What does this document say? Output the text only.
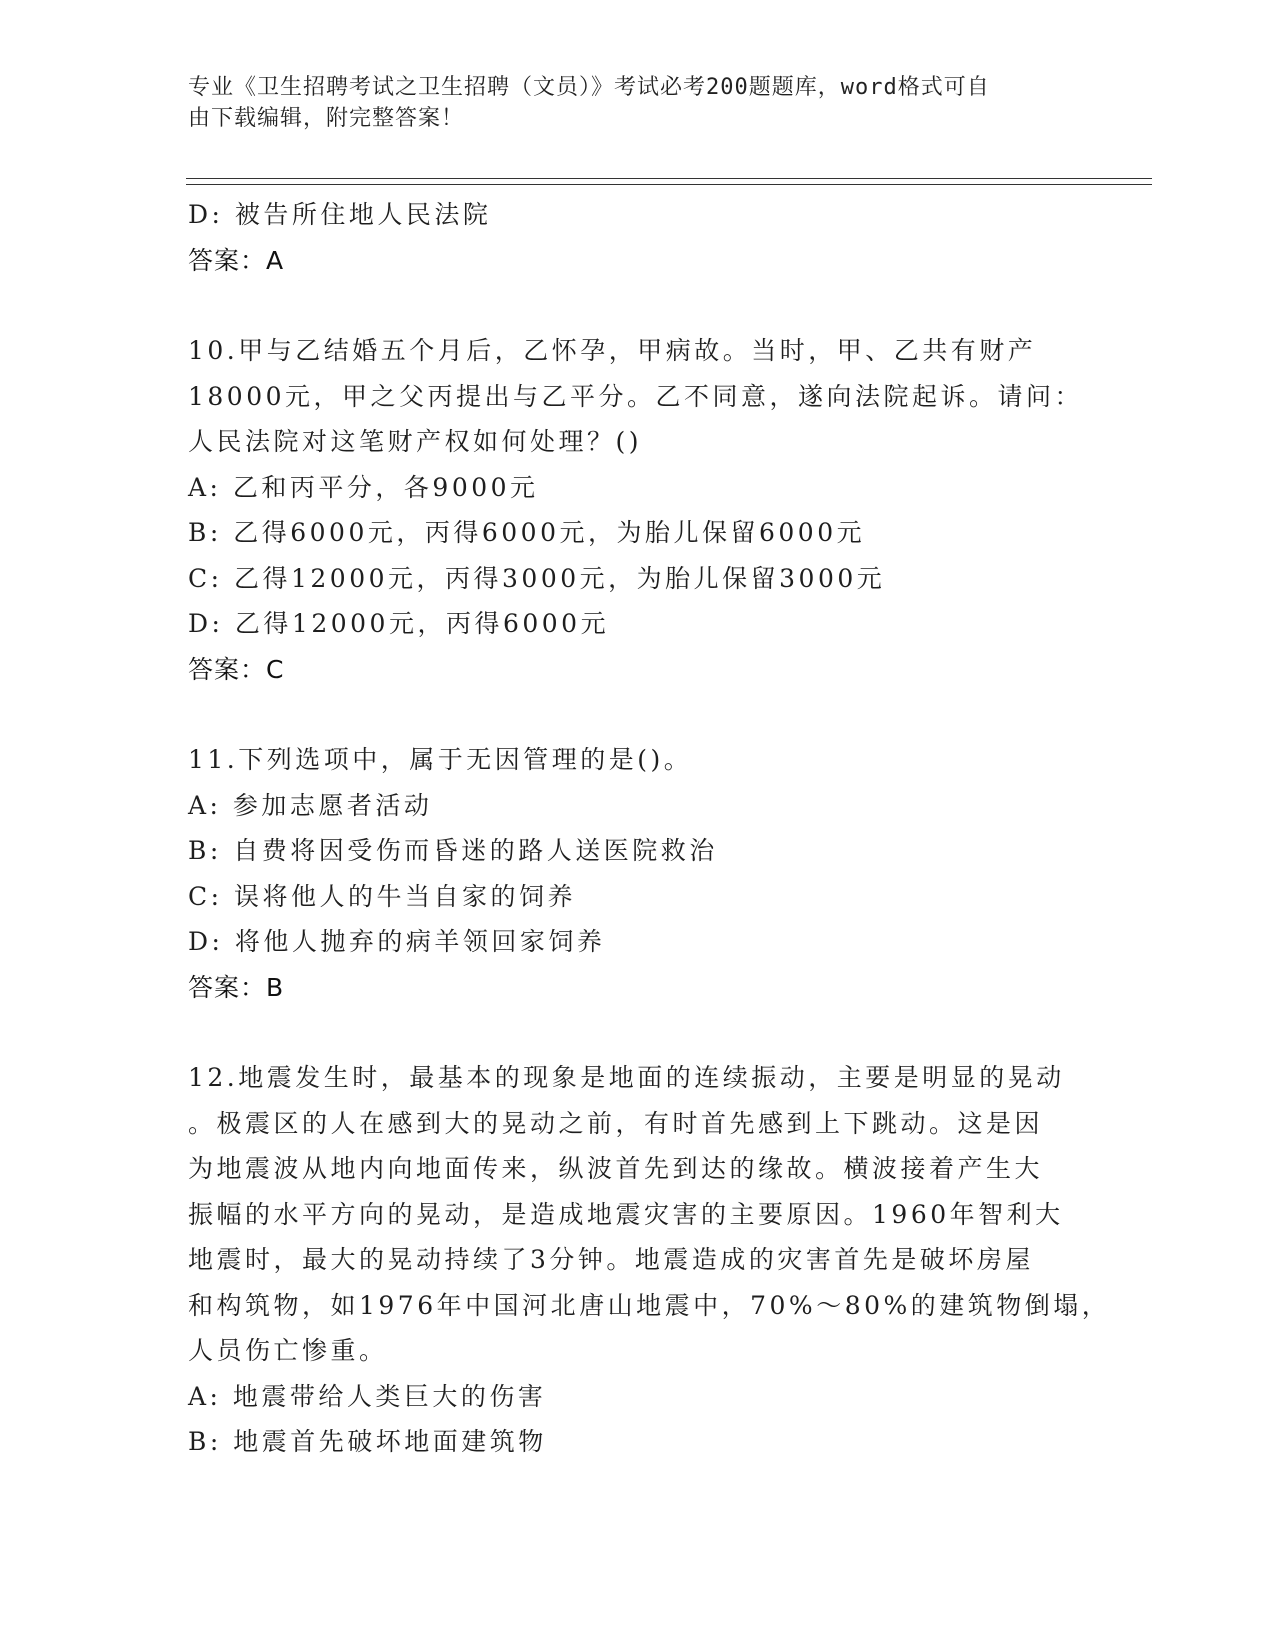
专业《卫生招聘考试之卫生招聘（文员）》考试必考200题题库，word格式可自
由下载编辑，附完整答案！
D: 被告所住地人民法院
答案：A
10.甲与乙结婚五个月后，乙怀孕，甲病故。当时，甲、乙共有财产
18000元，甲之父丙提出与乙平分。乙不同意，遂向法院起诉。请问：
人民法院对这笔财产权如何处理？()
A: 乙和丙平分，各9000元
B: 乙得6000元，丙得6000元，为胎儿保留6000元
C: 乙得12000元，丙得3000元，为胎儿保留3000元
D: 乙得12000元，丙得6000元
答案：C
11.下列选项中，属于无因管理的是()。
A: 参加志愿者活动
B: 自费将因受伤而昏迷的路人送医院救治
C: 误将他人的牛当自家的饲养
D: 将他人抛弃的病羊领回家饲养
答案：B
12.地震发生时，最基本的现象是地面的连续振动，主要是明显的晃动
。极震区的人在感到大的晃动之前，有时首先感到上下跳动。这是因
为地震波从地内向地面传来，纵波首先到达的缘故。横波接着产生大
振幅的水平方向的晃动，是造成地震灾害的主要原因。1960年智利大
地震时，最大的晃动持续了3分钟。地震造成的灾害首先是破坏房屋
和构筑物，如1976年中国河北唐山地震中，70%～80%的建筑物倒塌，
人员伤亡惨重。
A: 地震带给人类巨大的伤害
B: 地震首先破坏地面建筑物
